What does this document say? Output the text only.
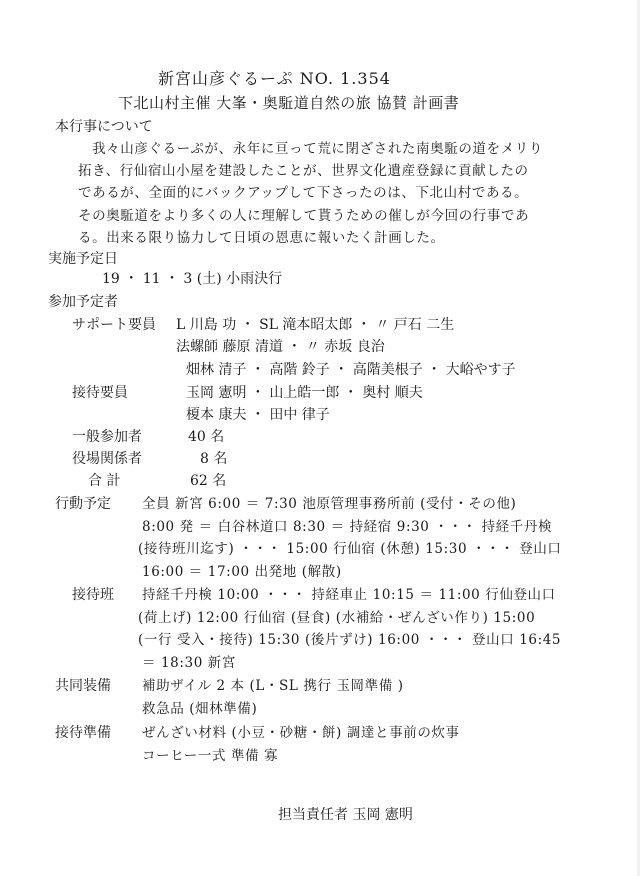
新宮山彦ぐるーぷ NO. 1.354
下北山村主催 大峯・奥駈道自然の旅 協賛 計画書
本行事について
我々山彦ぐるーぷが、永年に亘って荒に閉ざされた南奥駈の道をメリり
拓き、行仙宿山小屋を建設したことが、世界文化遺産登録に貢献したの
であるが、全面的にバックアップして下さったのは、下北山村である。
その奥駈道をより多くの人に理解して貰うための催しが今回の行事であ
る。出来る限り協力して日頃の恩恵に報いたく計画した。
実施予定日
19 ・ 11 ・ 3 (土) 小雨決行
参加予定者
サポート要員 L 川島 功 ・ SL 滝本昭太郎 ・ 〃 戸石 二生
法螺師 藤原 清道 ・ 〃 赤坂 良治
畑林 清子 ・ 高階 鈴子 ・ 高階美根子 ・ 大峪やす子
接待要員	玉岡 憲明 ・ 山上皓一郎 ・ 奥村 順夫
榎本 康夫 ・ 田中 律子
一般参加者	40 名
役場関係者	8 名
合 計	62 名
行動予定 全員 新宮 6:00 ＝ 7:30 池原管理事務所前 (受付・その他)
8:00 発 ＝ 白谷林道口 8:30 ＝ 持経宿 9:30 ・・・ 持経千丹検
(接待班川迄す) ・・・ 15:00 行仙宿 (休憩) 15:30 ・・・ 登山口
16:00 ＝ 17:00 出発地 (解散)
接待班 持経千丹検 10:00 ・・・ 持経車止 10:15 ＝ 11:00 行仙登山口
(荷上げ) 12:00 行仙宿 (昼食) (水補給・ぜんざい作り) 15:00
(一行 受入・接待) 15:30 (後片ずけ) 16:00 ・・・ 登山口 16:45
＝ 18:30 新宮
共同装備 補助ザイル 2 本 (L・SL 携行 玉岡準備 )
救急品 (畑林準備)
接待準備 ぜんざい材料 (小豆・砂糖・餅) 調達と事前の炊事
コーヒー一式 準備 寡
担当責任者 玉岡 憲明
